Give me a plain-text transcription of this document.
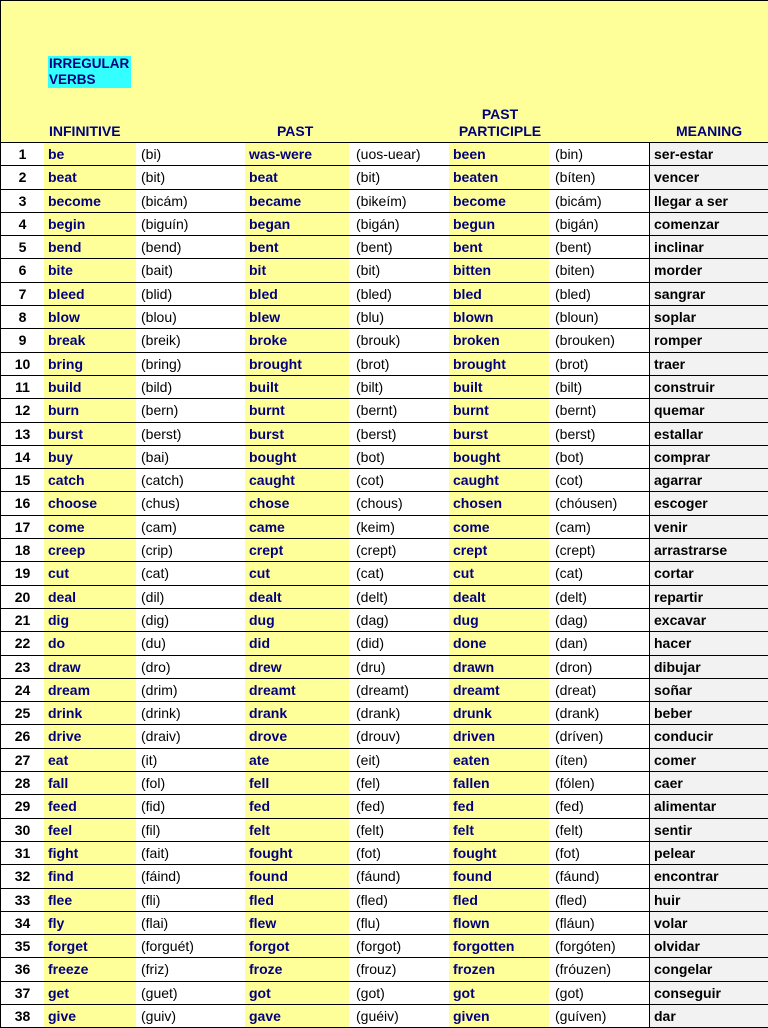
IRREGULAR
VERBS
INFINITIVE	PAST
PAST
PARTICIPLE	MEANING
1	be	(bi)	was-were	(uos-uear)	been	(bin)	ser-estar
2	beat	(bit)	beat	(bit)	beaten	(bíten)	vencer
3	become	(bicám)	became	(bikeím)	become	(bicám)	llegar a ser
4	begin	(biguín)	began	(bigán)	begun	(bigán)	comenzar
5	bend	(bend)	bent	(bent)	bent	(bent)	inclinar
6	bite	(bait)	bit	(bit)	bitten	(biten)	morder
7	bleed	(blid)	bled	(bled)	bled	(bled)	sangrar
8	blow	(blou)	blew	(blu)	blown	(bloun)	soplar
9	break	(breik)	broke	(brouk)	broken	(brouken)	romper
10	bring	(bring)	brought	(brot)	brought	(brot)	traer
11	build	(bild)	built	(bilt)	built	(bilt)	construir
12	burn	(bern)	burnt	(bernt)	burnt	(bernt)	quemar
13	burst	(berst)	burst	(berst)	burst	(berst)	estallar
14	buy	(bai)	bought	(bot)	bought	(bot)	comprar
15	catch	(catch)	caught	(cot)	caught	(cot)	agarrar
16	choose	(chus)	chose	(chous)	chosen	(chóusen)	escoger
17	come	(cam)	came	(keim)	come	(cam)	venir
18	creep	(crip)	crept	(crept)	crept	(crept)	arrastrarse
19	cut	(cat)	cut	(cat)	cut	(cat)	cortar
20	deal	(dil)	dealt	(delt)	dealt	(delt)	repartir
21	dig	(dig)	dug	(dag)	dug	(dag)	excavar
22	do	(du)	did	(did)	done	(dan)	hacer
23	draw	(dro)	drew	(dru)	drawn	(dron)	dibujar
24	dream	(drim)	dreamt	(dreamt)	dreamt	(dreat)	soñar
25	drink	(drink)	drank	(drank)	drunk	(drank)	beber
26	drive	(draiv)	drove	(drouv)	driven	(dríven)	conducir
27	eat	(it)	ate	(eit)	eaten	(íten)	comer
28	fall	(fol)	fell	(fel)	fallen	(fólen)	caer
29	feed	(fid)	fed	(fed)	fed	(fed)	alimentar
30	feel	(fil)	felt	(felt)	felt	(felt)	sentir
31	fight	(fait)	fought	(fot)	fought	(fot)	pelear
32	find	(fáind)	found	(fáund)	found	(fáund)	encontrar
33	flee	(fli)	fled	(fled)	fled	(fled)	huir
34	fly	(flai)	flew	(flu)	flown	(fláun)	volar
35	forget	(forguét)	forgot	(forgot)	forgotten	(forgóten)	olvidar
36	freeze	(friz)	froze	(frouz)	frozen	(fróuzen)	congelar
37	get	(guet)	got	(got)	got	(got)	conseguir
38	give	(guiv)	gave	(guéiv)	given	(guíven)	dar
